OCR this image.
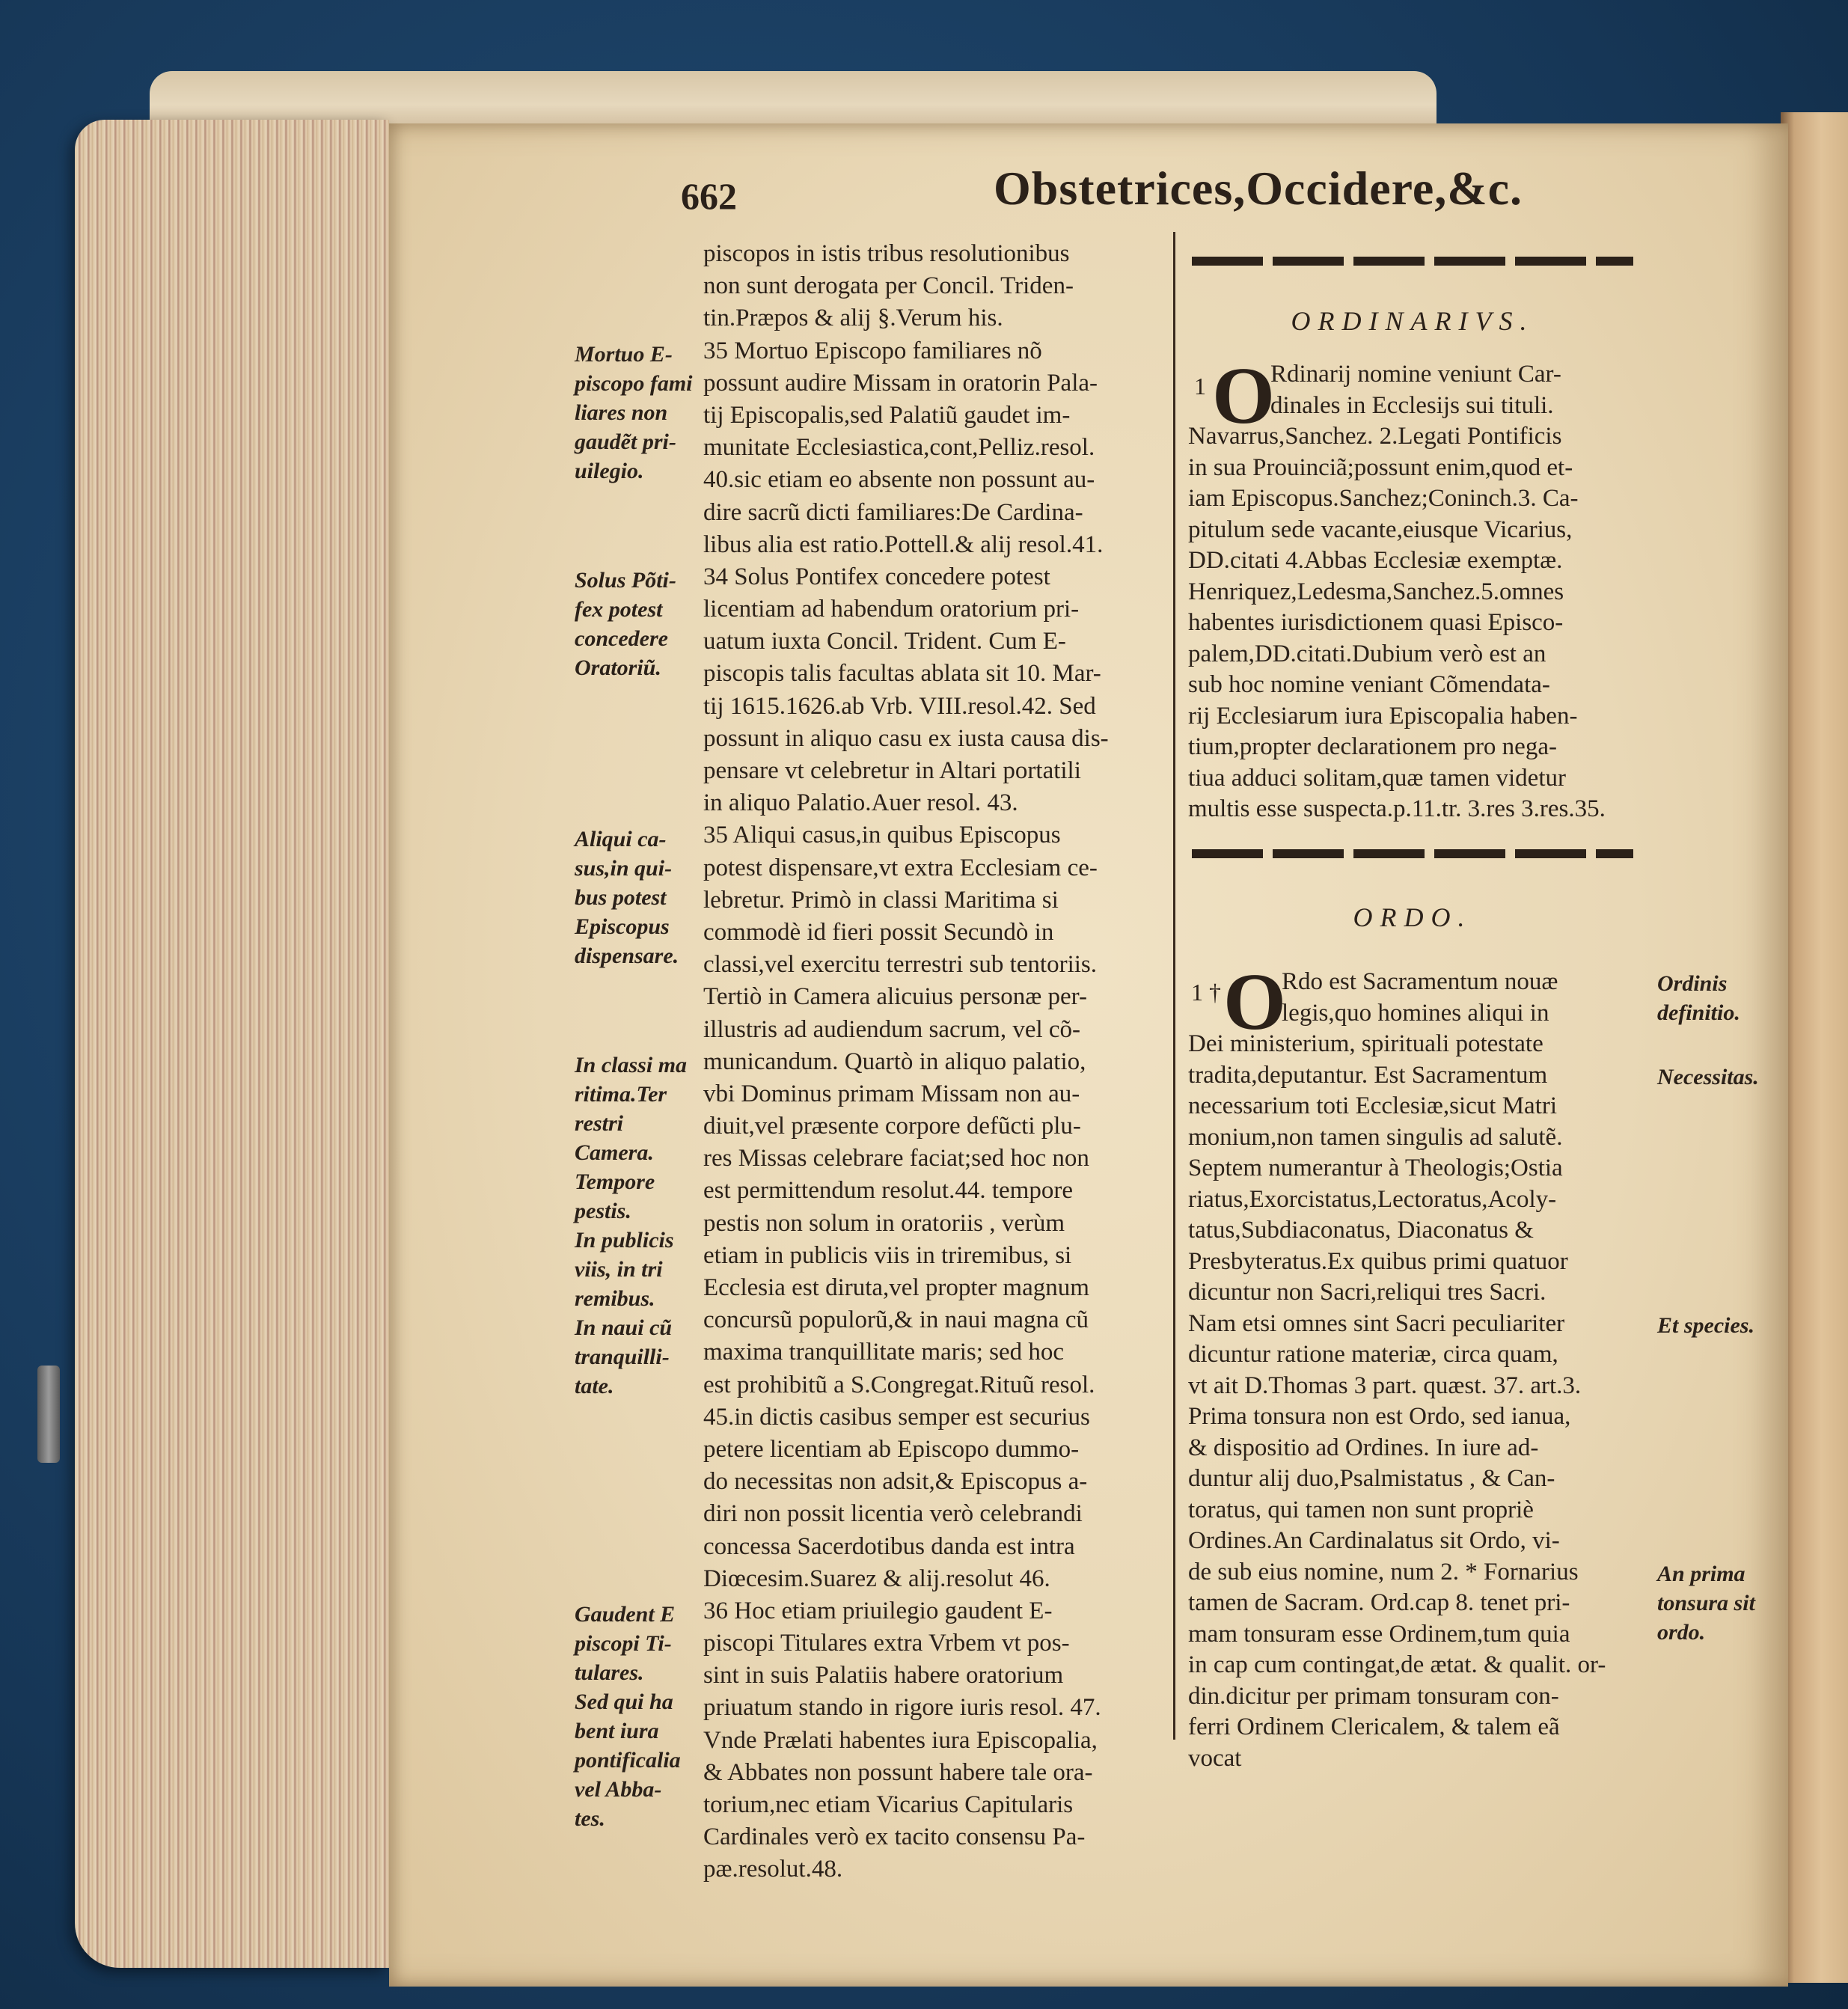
662	Obstetrices,Occidere,&c.
piscopos in istis tribus resolutionibus
non sunt derogata per Concil. Triden-
tin.Præpos & alij §.Verum his.
35 Mortuo Episcopo familiares nõ
possunt audire Missam in oratorin Pala-
tij Episcopalis,sed Palatiũ gaudet im-
munitate Ecclesiastica,cont,Pelliz.resol.
40.sic etiam eo absente non possunt au-
dire sacrũ dicti familiares:De Cardina-
libus alia est ratio.Pottell.& alij resol.41.
34 Solus Pontifex concedere potest
licentiam ad habendum oratorium pri-
uatum iuxta Concil. Trident. Cum E-
piscopis talis facultas ablata sit 10. Mar-
tij 1615.1626.ab Vrb. VIII.resol.42. Sed
possunt in aliquo casu ex iusta causa dis-
pensare vt celebretur in Altari portatili
in aliquo Palatio.Auer resol. 43.
35 Aliqui casus,in quibus Episcopus
potest dispensare,vt extra Ecclesiam ce-
lebretur. Primò in classi Maritima si
commodè id fieri possit Secundò in
classi,vel exercitu terrestri sub tentoriis.
Tertiò in Camera alicuius personæ per-
illustris ad audiendum sacrum, vel cõ-
municandum. Quartò in aliquo palatio,
vbi Dominus primam Missam non au-
diuit,vel præsente corpore defũcti plu-
res Missas celebrare faciat;sed hoc non
est permittendum resolut.44. tempore
pestis non solum in oratoriis , verùm
etiam in publicis viis in triremibus, si
Ecclesia est diruta,vel propter magnum
concursũ populorũ,& in naui magna cũ
maxima tranquillitate maris; sed hoc
est prohibitũ a S.Congregat.Rituũ resol.
45.in dictis casibus semper est securius
petere licentiam ab Episcopo dummo-
do necessitas non adsit,& Episcopus a-
diri non possit licentia verò celebrandi
concessa Sacerdotibus danda est intra
Diœcesim.Suarez & alij.resolut 46.
36 Hoc etiam priuilegio gaudent E-
piscopi Titulares extra Vrbem vt pos-
sint in suis Palatiis habere oratorium
priuatum stando in rigore iuris resol. 47.
Vnde Prælati habentes iura Episcopalia,
& Abbates non possunt habere tale ora-
torium,nec etiam Vicarius Capitularis
Cardinales verò ex tacito consensu Pa-
pæ.resolut.48.
Mortuo E-
piscopo fami
liares non
gaudẽt pri-
uilegio.
Solus Põti-
fex potest
concedere
Oratoriũ.
Aliqui ca-
sus,in qui-
bus potest
Episcopus
dispensare.
In classi ma
ritima.Ter
restri
Camera.
Tempore
pestis.
In publicis
viis, in tri
remibus.
In naui cũ
tranquilli-
tate.
Gaudent E
piscopi Ti-
tulares.
Sed qui ha
bent iura
pontificalia
vel Abba-
tes.
ORDINARIVS.
1 O
Rdinarij nomine veniunt Car-
dinales in Ecclesijs sui tituli.
Navarrus,Sanchez. 2.Legati Pontificis
in sua Prouinciã;possunt enim,quod et-
iam Episcopus.Sanchez;Coninch.3. Ca-
pitulum sede vacante,eiusque Vicarius,
DD.citati 4.Abbas Ecclesiæ exemptæ.
Henriquez,Ledesma,Sanchez.5.omnes
habentes iurisdictionem quasi Episco-
palem,DD.citati.Dubium verò est an
sub hoc nomine veniant Cõmendata-
rij Ecclesiarum iura Episcopalia haben-
tium,propter declarationem pro nega-
tiua adduci solitam,quæ tamen videtur
multis esse suspecta.p.11.tr. 3.res 3.res.35.
ORDO.
1 † O
Rdo est Sacramentum nouæ
legis,quo homines aliqui in
Dei ministerium, spirituali potestate
tradita,deputantur. Est Sacramentum
necessarium toti Ecclesiæ,sicut Matri
monium,non tamen singulis ad salutẽ.
Septem numerantur à Theologis;Ostia
riatus,Exorcistatus,Lectoratus,Acoly-
tatus,Subdiaconatus, Diaconatus &
Presbyteratus.Ex quibus primi quatuor
dicuntur non Sacri,reliqui tres Sacri.
Nam etsi omnes sint Sacri peculiariter
dicuntur ratione materiæ, circa quam,
vt ait D.Thomas 3 part. quæst. 37. art.3.
Prima tonsura non est Ordo, sed ianua,
& dispositio ad Ordines. In iure ad-
duntur alij duo,Psalmistatus , & Can-
toratus, qui tamen non sunt propriè
Ordines.An Cardinalatus sit Ordo, vi-
de sub eius nomine, num 2. * Fornarius
tamen de Sacram. Ord.cap 8. tenet pri-
mam tonsuram esse Ordinem,tum quia
in cap cum contingat,de ætat. & qualit. or-
din.dicitur per primam tonsuram con-
ferri Ordinem Clericalem, & talem eã
vocat
Ordinis
definitio.
Necessitas.
Et species.
An prima
tonsura sit
ordo.
